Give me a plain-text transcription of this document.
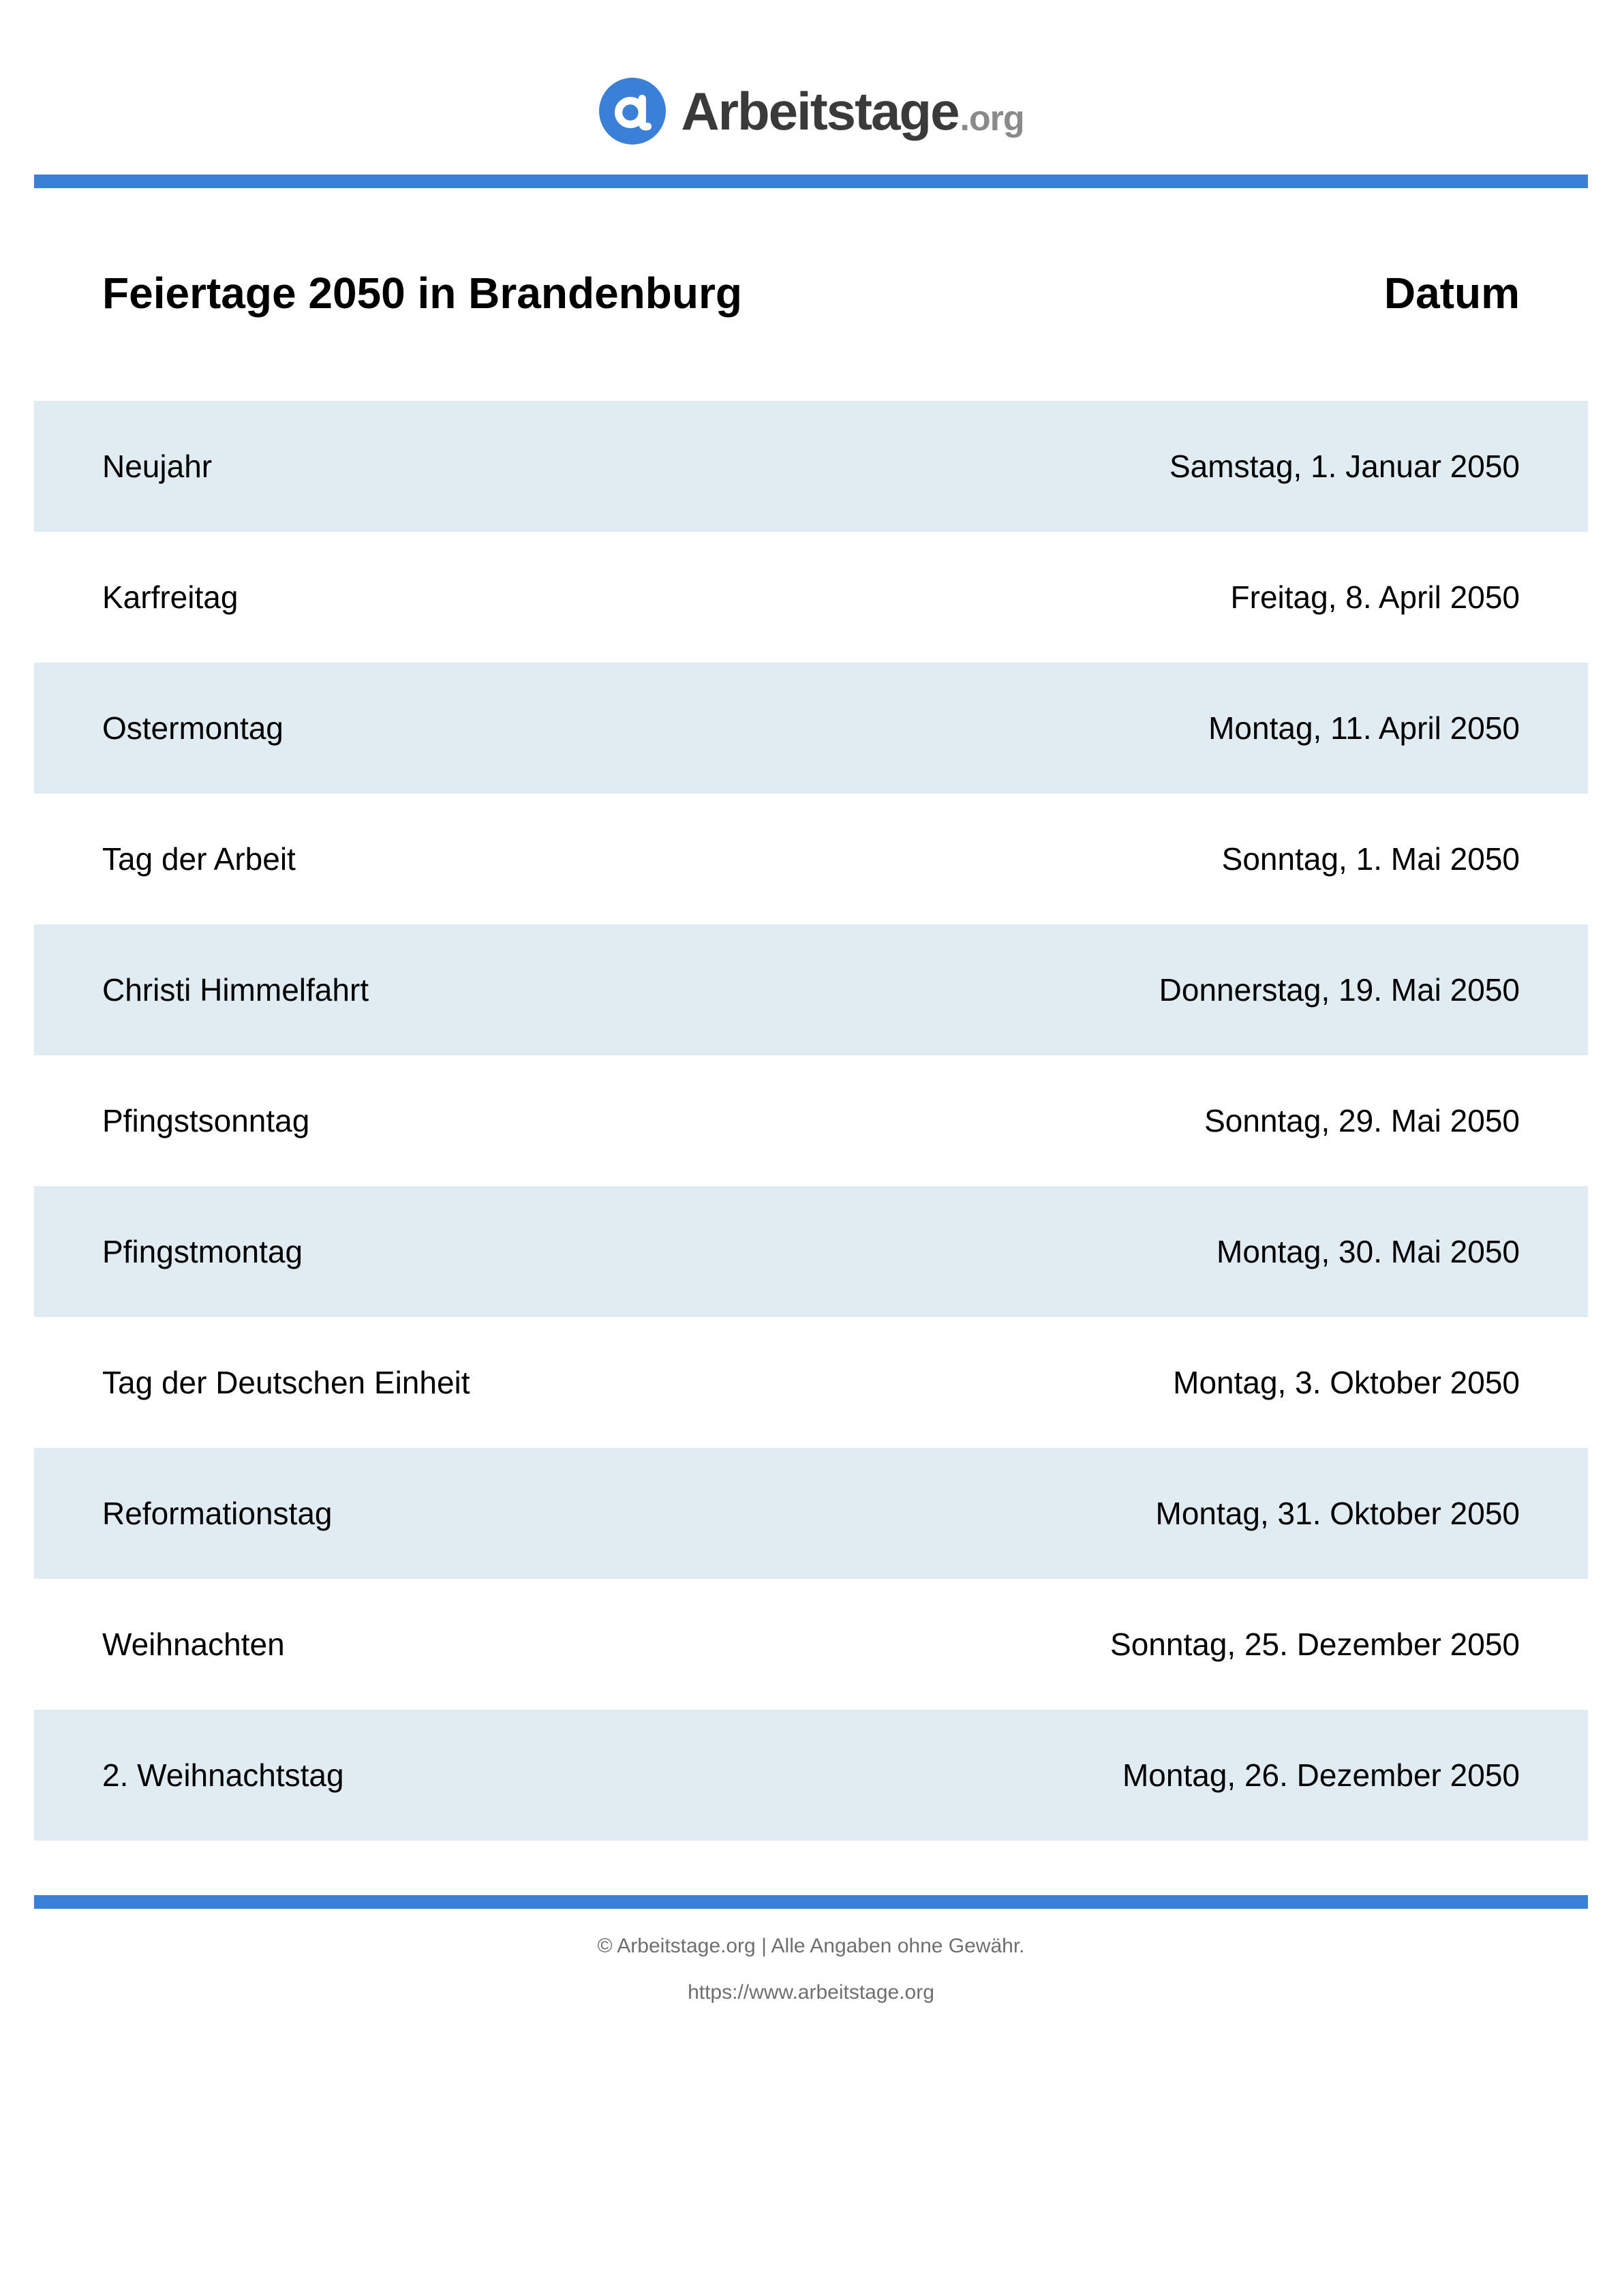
Arbeitstage .org
Feiertage 2050 in Brandenburg	Datum
Neujahr	Samstag, 1. Januar 2050
Karfreitag	Freitag, 8. April 2050
Ostermontag	Montag, 11. April 2050
Tag der Arbeit	Sonntag, 1. Mai 2050
Christi Himmelfahrt	Donnerstag, 19. Mai 2050
Pfingstsonntag	Sonntag, 29. Mai 2050
Pfingstmontag	Montag, 30. Mai 2050
Tag der Deutschen Einheit	Montag, 3. Oktober 2050
Reformationstag	Montag, 31. Oktober 2050
Weihnachten	Sonntag, 25. Dezember 2050
2. Weihnachtstag	Montag, 26. Dezember 2050
© Arbeitstage.org | Alle Angaben ohne Gewähr.
https://www.arbeitstage.org
